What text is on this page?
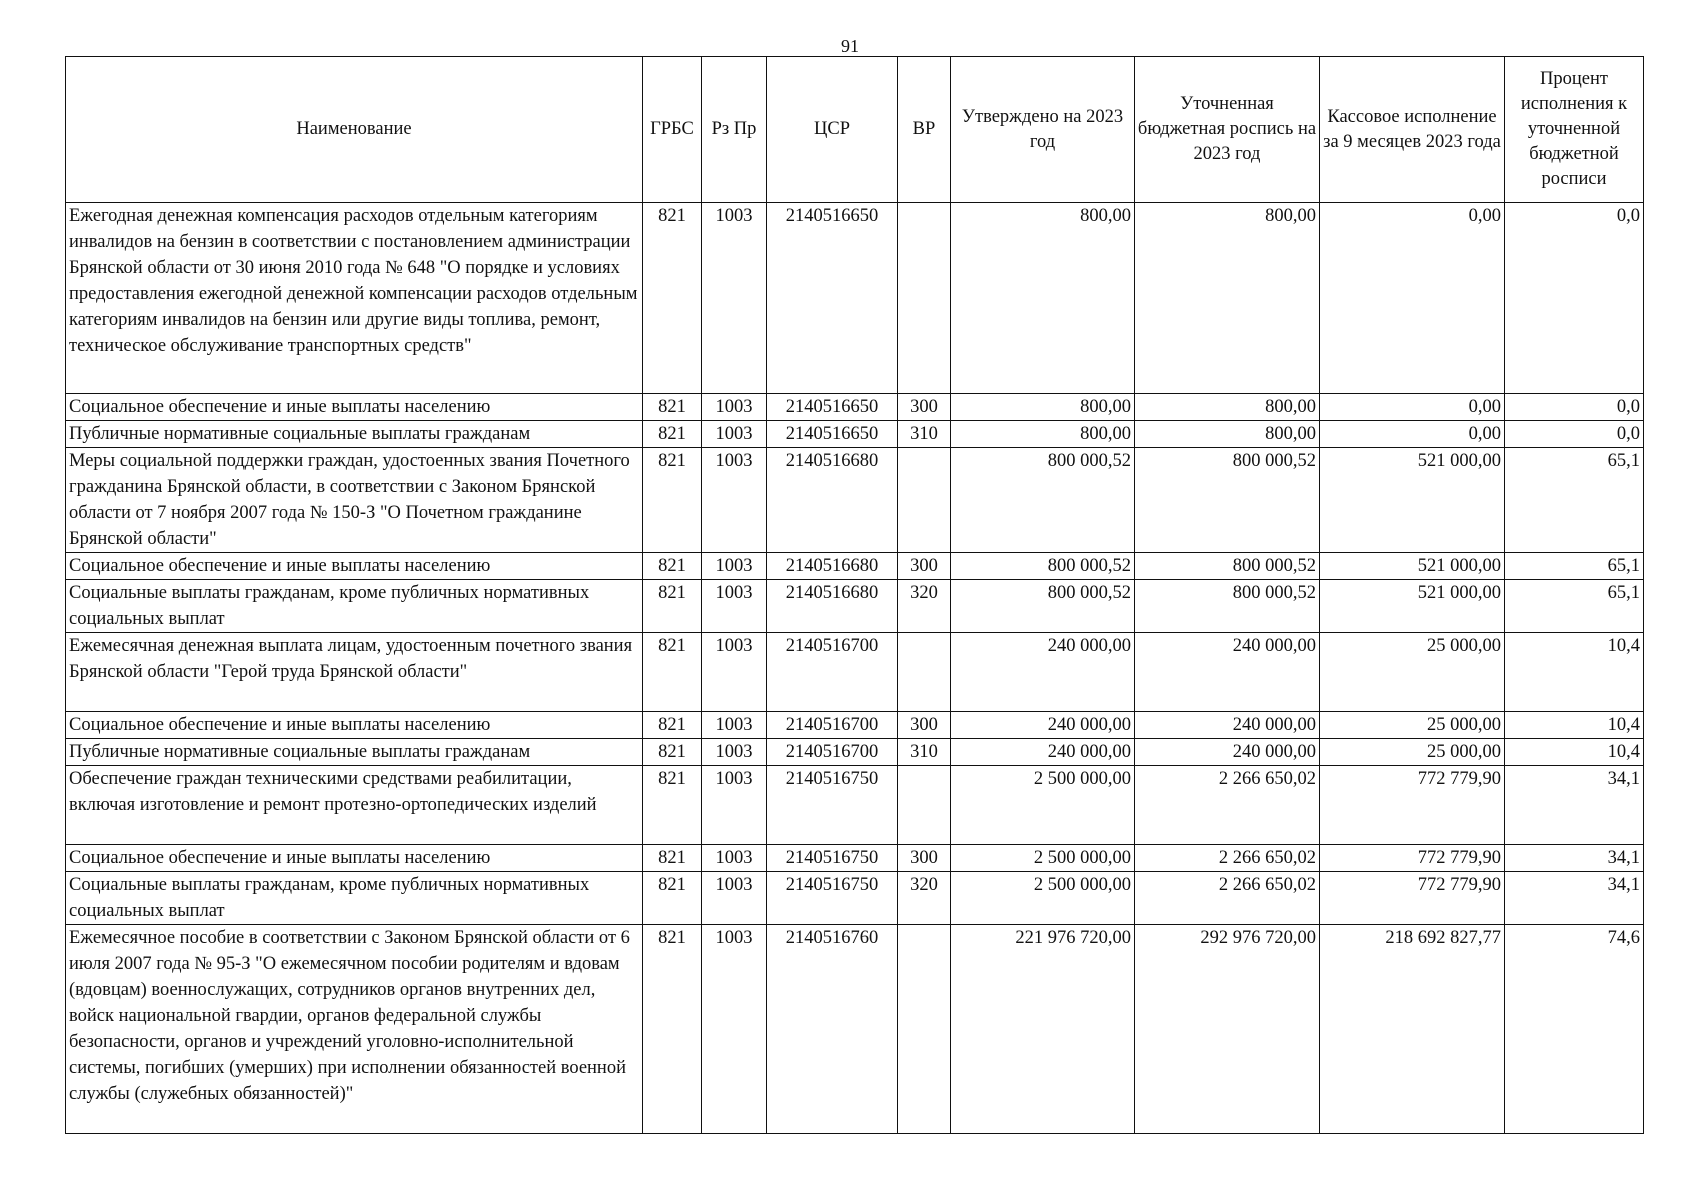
91
Наименование	ГРБС	Рз Пр	ЦСР	ВР	Утверждено на 2023 год	Уточненная бюджетная роспись на 2023 год	Кассовое исполнение за 9 месяцев 2023 года	Процент исполнения к уточненной бюджетной росписи
Ежегодная денежная компенсация расходов отдельным категориям инвалидов на бензин в соответствии с постановлением администрации Брянской области от 30 июня 2010 года № 648 "О порядке и условиях предоставления ежегодной денежной компенсации расходов отдельным категориям инвалидов на бензин или другие виды топлива, ремонт, техническое обслуживание транспортных средств"	821	1003	2140516650		800,00	800,00	0,00	0,0
Социальное обеспечение и иные выплаты населению	821	1003	2140516650	300	800,00	800,00	0,00	0,0
Публичные нормативные социальные выплаты гражданам	821	1003	2140516650	310	800,00	800,00	0,00	0,0
Меры социальной поддержки граждан, удостоенных звания Почетного гражданина Брянской области, в соответствии с Законом Брянской области от 7 ноября 2007 года № 150-З "О Почетном гражданине Брянской области"	821	1003	2140516680		800 000,52	800 000,52	521 000,00	65,1
Социальное обеспечение и иные выплаты населению	821	1003	2140516680	300	800 000,52	800 000,52	521 000,00	65,1
Социальные выплаты гражданам, кроме публичных нормативных социальных выплат	821	1003	2140516680	320	800 000,52	800 000,52	521 000,00	65,1
Ежемесячная денежная выплата лицам, удостоенным почетного звания Брянской области "Герой труда Брянской области"	821	1003	2140516700		240 000,00	240 000,00	25 000,00	10,4
Социальное обеспечение и иные выплаты населению	821	1003	2140516700	300	240 000,00	240 000,00	25 000,00	10,4
Публичные нормативные социальные выплаты гражданам	821	1003	2140516700	310	240 000,00	240 000,00	25 000,00	10,4
Обеспечение граждан техническими средствами реабилитации, включая изготовление и ремонт протезно-ортопедических изделий	821	1003	2140516750		2 500 000,00	2 266 650,02	772 779,90	34,1
Социальное обеспечение и иные выплаты населению	821	1003	2140516750	300	2 500 000,00	2 266 650,02	772 779,90	34,1
Социальные выплаты гражданам, кроме публичных нормативных социальных выплат	821	1003	2140516750	320	2 500 000,00	2 266 650,02	772 779,90	34,1
Ежемесячное пособие в соответствии с Законом Брянской области от 6 июля 2007 года № 95-З "О ежемесячном пособии родителям и вдовам (вдовцам) военнослужащих, сотрудников органов внутренних дел, войск национальной гвардии, органов федеральной службы безопасности, органов и учреждений уголовно-исполнительной системы, погибших (умерших) при исполнении обязанностей военной службы (служебных обязанностей)"	821	1003	2140516760		221 976 720,00	292 976 720,00	218 692 827,77	74,6
